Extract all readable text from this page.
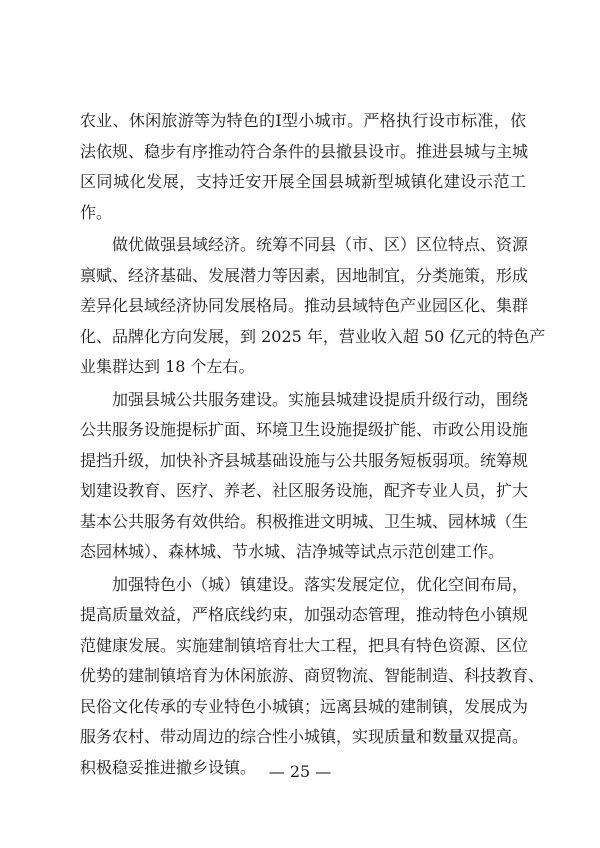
农业、休闲旅游等为特色的Ⅰ型小城市。严格执行设市标准，依
法依规、稳步有序推动符合条件的县撤县设市。推进县城与主城
区同城化发展，支持迁安开展全国县城新型城镇化建设示范工
作。
做优做强县域经济。统筹不同县（市、区）区位特点、资源
禀赋、经济基础、发展潜力等因素，因地制宜，分类施策，形成
差异化县域经济协同发展格局。推动县域特色产业园区化、集群
化、品牌化方向发展，到 2025 年，营业收入超 50 亿元的特色产
业集群达到 18 个左右。
加强县城公共服务建设。实施县城建设提质升级行动，围绕
公共服务设施提标扩面、环境卫生设施提级扩能、市政公用设施
提挡升级，加快补齐县城基础设施与公共服务短板弱项。统筹规
划建设教育、医疗、养老、社区服务设施，配齐专业人员，扩大
基本公共服务有效供给。积极推进文明城、卫生城、园林城（生
态园林城）、森林城、节水城、洁净城等试点示范创建工作。
加强特色小（城）镇建设。落实发展定位，优化空间布局，
提高质量效益，严格底线约束，加强动态管理，推动特色小镇规
范健康发展。实施建制镇培育壮大工程，把具有特色资源、区位
优势的建制镇培育为休闲旅游、商贸物流、智能制造、科技教育、
民俗文化传承的专业特色小城镇；远离县城的建制镇，发展成为
服务农村、带动周边的综合性小城镇，实现质量和数量双提高。
积极稳妥推进撤乡设镇。 — 25 —
